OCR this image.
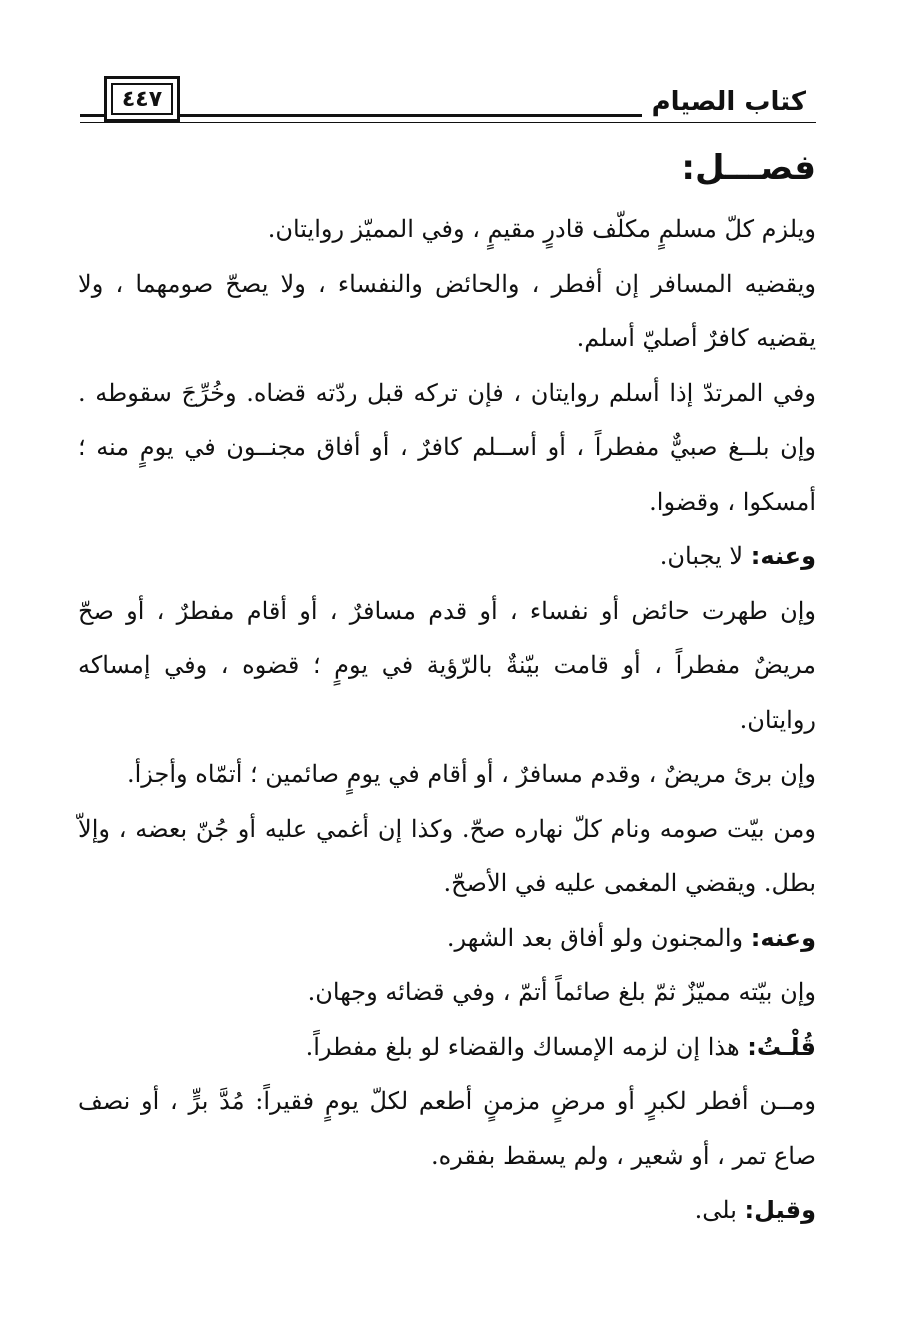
٤٤٧	كتاب الصيام
فصـــل:

ويلزم كلّ مسلمٍ مكلّف قادرٍ مقيمٍ ، وفي المميّز روايتان.

ويقضيه المسافر إن أفطر ، والحائض والنفساء ، ولا يصحّ صومهما ، ولا يقضيه كافرٌ أصليّ أسلم.

وفي المرتدّ إذا أسلم روايتان ، فإن تركه قبل ردّته قضاه. وخُرِّجَ سقوطه . وإن بلــغ صبيٌّ مفطراً ، أو أســلم كافرٌ ، أو أفاق مجنــون في يومٍ منه ؛ أمسكوا ، وقضوا.

وعنه: لا يجبان.

وإن طهرت حائض أو نفساء ، أو قدم مسافرٌ ، أو أقام مفطرٌ ، أو صحّ مريضٌ مفطراً ، أو قامت بيّنةٌ بالرّؤية في يومٍ ؛ قضوه ، وفي إمساكه روايتان.

وإن برئ مريضٌ ، وقدم مسافرٌ ، أو أقام في يومٍ صائمين ؛ أتمّاه وأجزأ.

ومن بيّت صومه ونام كلّ نهاره صحّ. وكذا إن أغمي عليه أو جُنّ بعضه ، وإلاّ بطل. ويقضي المغمى عليه في الأصحّ.

وعنه: والمجنون ولو أفاق بعد الشهر.

وإن بيّته مميّزٌ ثمّ بلغ صائماً أتمّ ، وفي قضائه وجهان.

قُلْـتُ: هذا إن لزمه الإمساك والقضاء لو بلغ مفطراً.

ومــن أفطر لكبرٍ أو مرضٍ مزمنٍ أطعم لكلّ يومٍ فقيراً: مُدَّ برٍّ ، أو نصف صاع تمر ، أو شعير ، ولم يسقط بفقره.

وقيل: بلى.
